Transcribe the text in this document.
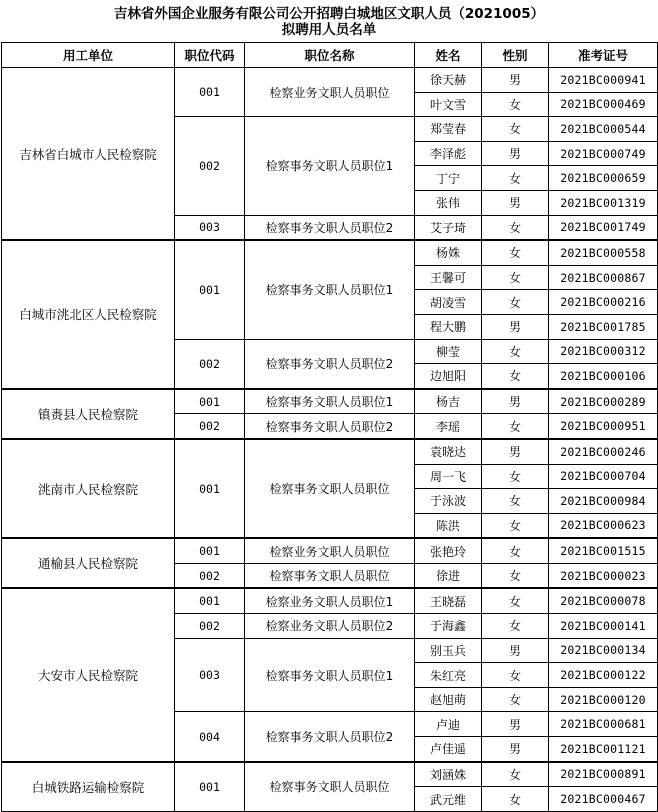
吉林省外国企业服务有限公司公开招聘白城地区文职人员（2021005）
拟聘用人员名单
用工单位	职位代码	职位名称	姓名	性别	准考证号
吉林省白城市人民检察院	001	检察业务文职人员职位	徐天赫	男	2021BC000941
			叶文雪	女	2021BC000469
	002	检察事务文职人员职位1	郑莹春	女	2021BC000544
			李泽彪	男	2021BC000749
			丁宁	女	2021BC000659
			张伟	男	2021BC001319
	003	检察事务文职人员职位2	艾子琦	女	2021BC001749
白城市洮北区人民检察院	001	检察事务文职人员职位1	杨姝	女	2021BC000558
			王馨可	女	2021BC000867
			胡凌雪	女	2021BC000216
			程大鹏	男	2021BC001785
	002	检察事务文职人员职位2	柳莹	女	2021BC000312
			边旭阳	女	2021BC000106
镇赉县人民检察院	001	检察事务文职人员职位1	杨吉	男	2021BC000289
	002	检察事务文职人员职位2	李瑶	女	2021BC000951
洮南市人民检察院	001	检察事务文职人员职位	袁晓达	男	2021BC000246
			周一飞	女	2021BC000704
			于泳波	女	2021BC000984
			陈洪	女	2021BC000623
通榆县人民检察院	001	检察业务文职人员职位	张艳玲	女	2021BC001515
	002	检察事务文职人员职位	徐进	女	2021BC000023
大安市人民检察院	001	检察业务文职人员职位1	王晓磊	女	2021BC000078
	002	检察业务文职人员职位2	于海鑫	女	2021BC000141
	003	检察事务文职人员职位1	别玉兵	男	2021BC000134
			朱红亮	女	2021BC000122
			赵旭萌	女	2021BC000120
	004	检察事务文职人员职位2	卢迪	男	2021BC000681
			卢佳遥	男	2021BC001121
白城铁路运输检察院	001	检察事务文职人员职位	刘涵姝	女	2021BC000891
			武元维	女	2021BC000467
